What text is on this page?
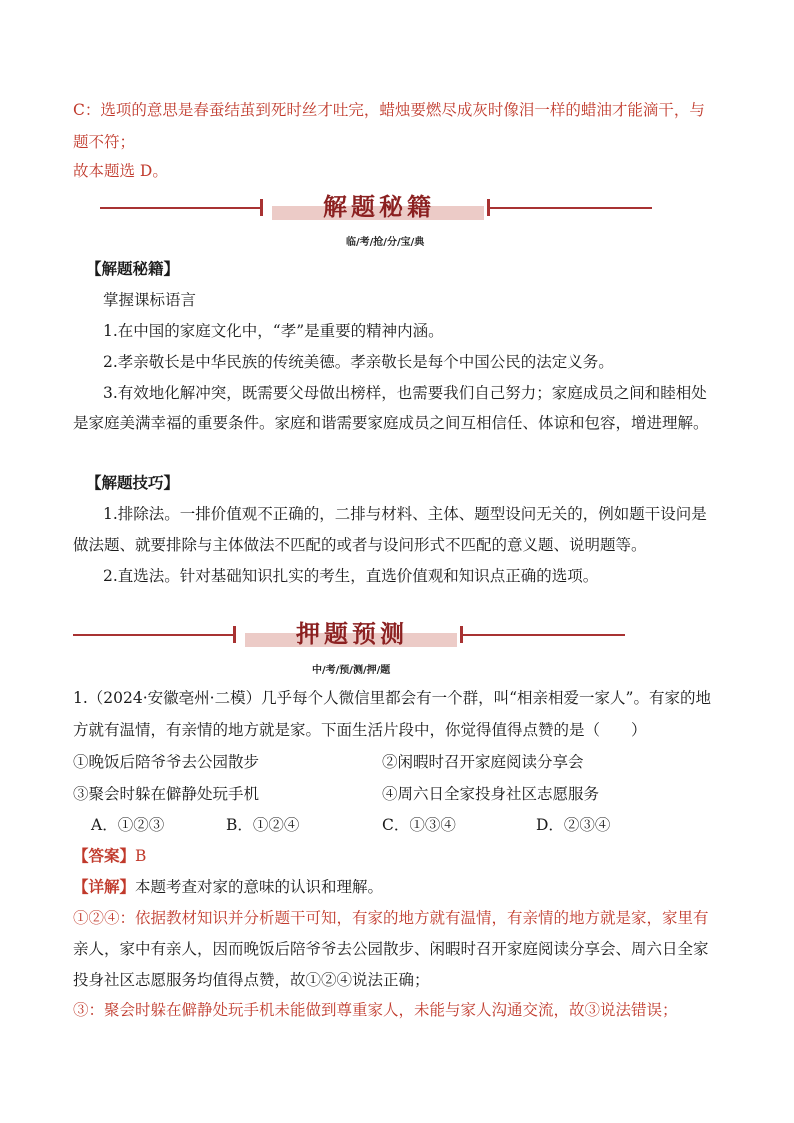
C：选项的意思是春蚕结茧到死时丝才吐完，蜡烛要燃尽成灰时像泪一样的蜡油才能滴干，与
题不符；
故本题选 D。
解题秘籍
临/考/抢/分/宝/典
【解题秘籍】
掌握课标语言
1.在中国的家庭文化中，“孝”是重要的精神内涵。
2.孝亲敬长是中华民族的传统美德。孝亲敬长是每个中国公民的法定义务。
3.有效地化解冲突，既需要父母做出榜样，也需要我们自己努力；家庭成员之间和睦相处
是家庭美满幸福的重要条件。家庭和谐需要家庭成员之间互相信任、体谅和包容，增进理解。
【解题技巧】
1.排除法。一排价值观不正确的，二排与材料、主体、题型设问无关的，例如题干设问是
做法题、就要排除与主体做法不匹配的或者与设问形式不匹配的意义题、说明题等。
2.直选法。针对基础知识扎实的考生，直选价值观和知识点正确的选项。
押题预测
中/考/预/测/押/题
1.（2024·安徽亳州·二模）几乎每个人微信里都会有一个群，叫“相亲相爱一家人”。有家的地
方就有温情，有亲情的地方就是家。下面生活片段中，你觉得值得点赞的是（　　）
①晚饭后陪爷爷去公园散步	②闲暇时召开家庭阅读分享会
③聚会时躲在僻静处玩手机	④周六日全家投身社区志愿服务
A．①②③	B．①②④	C．①③④	D．②③④
【答案】B
【详解】本题考查对家的意味的认识和理解。
①②④：依据教材知识并分析题干可知，有家的地方就有温情，有亲情的地方就是家，家里有
亲人，家中有亲人，因而晚饭后陪爷爷去公园散步、闲暇时召开家庭阅读分享会、周六日全家
投身社区志愿服务均值得点赞，故①②④说法正确；
③：聚会时躲在僻静处玩手机未能做到尊重家人，未能与家人沟通交流，故③说法错误；
